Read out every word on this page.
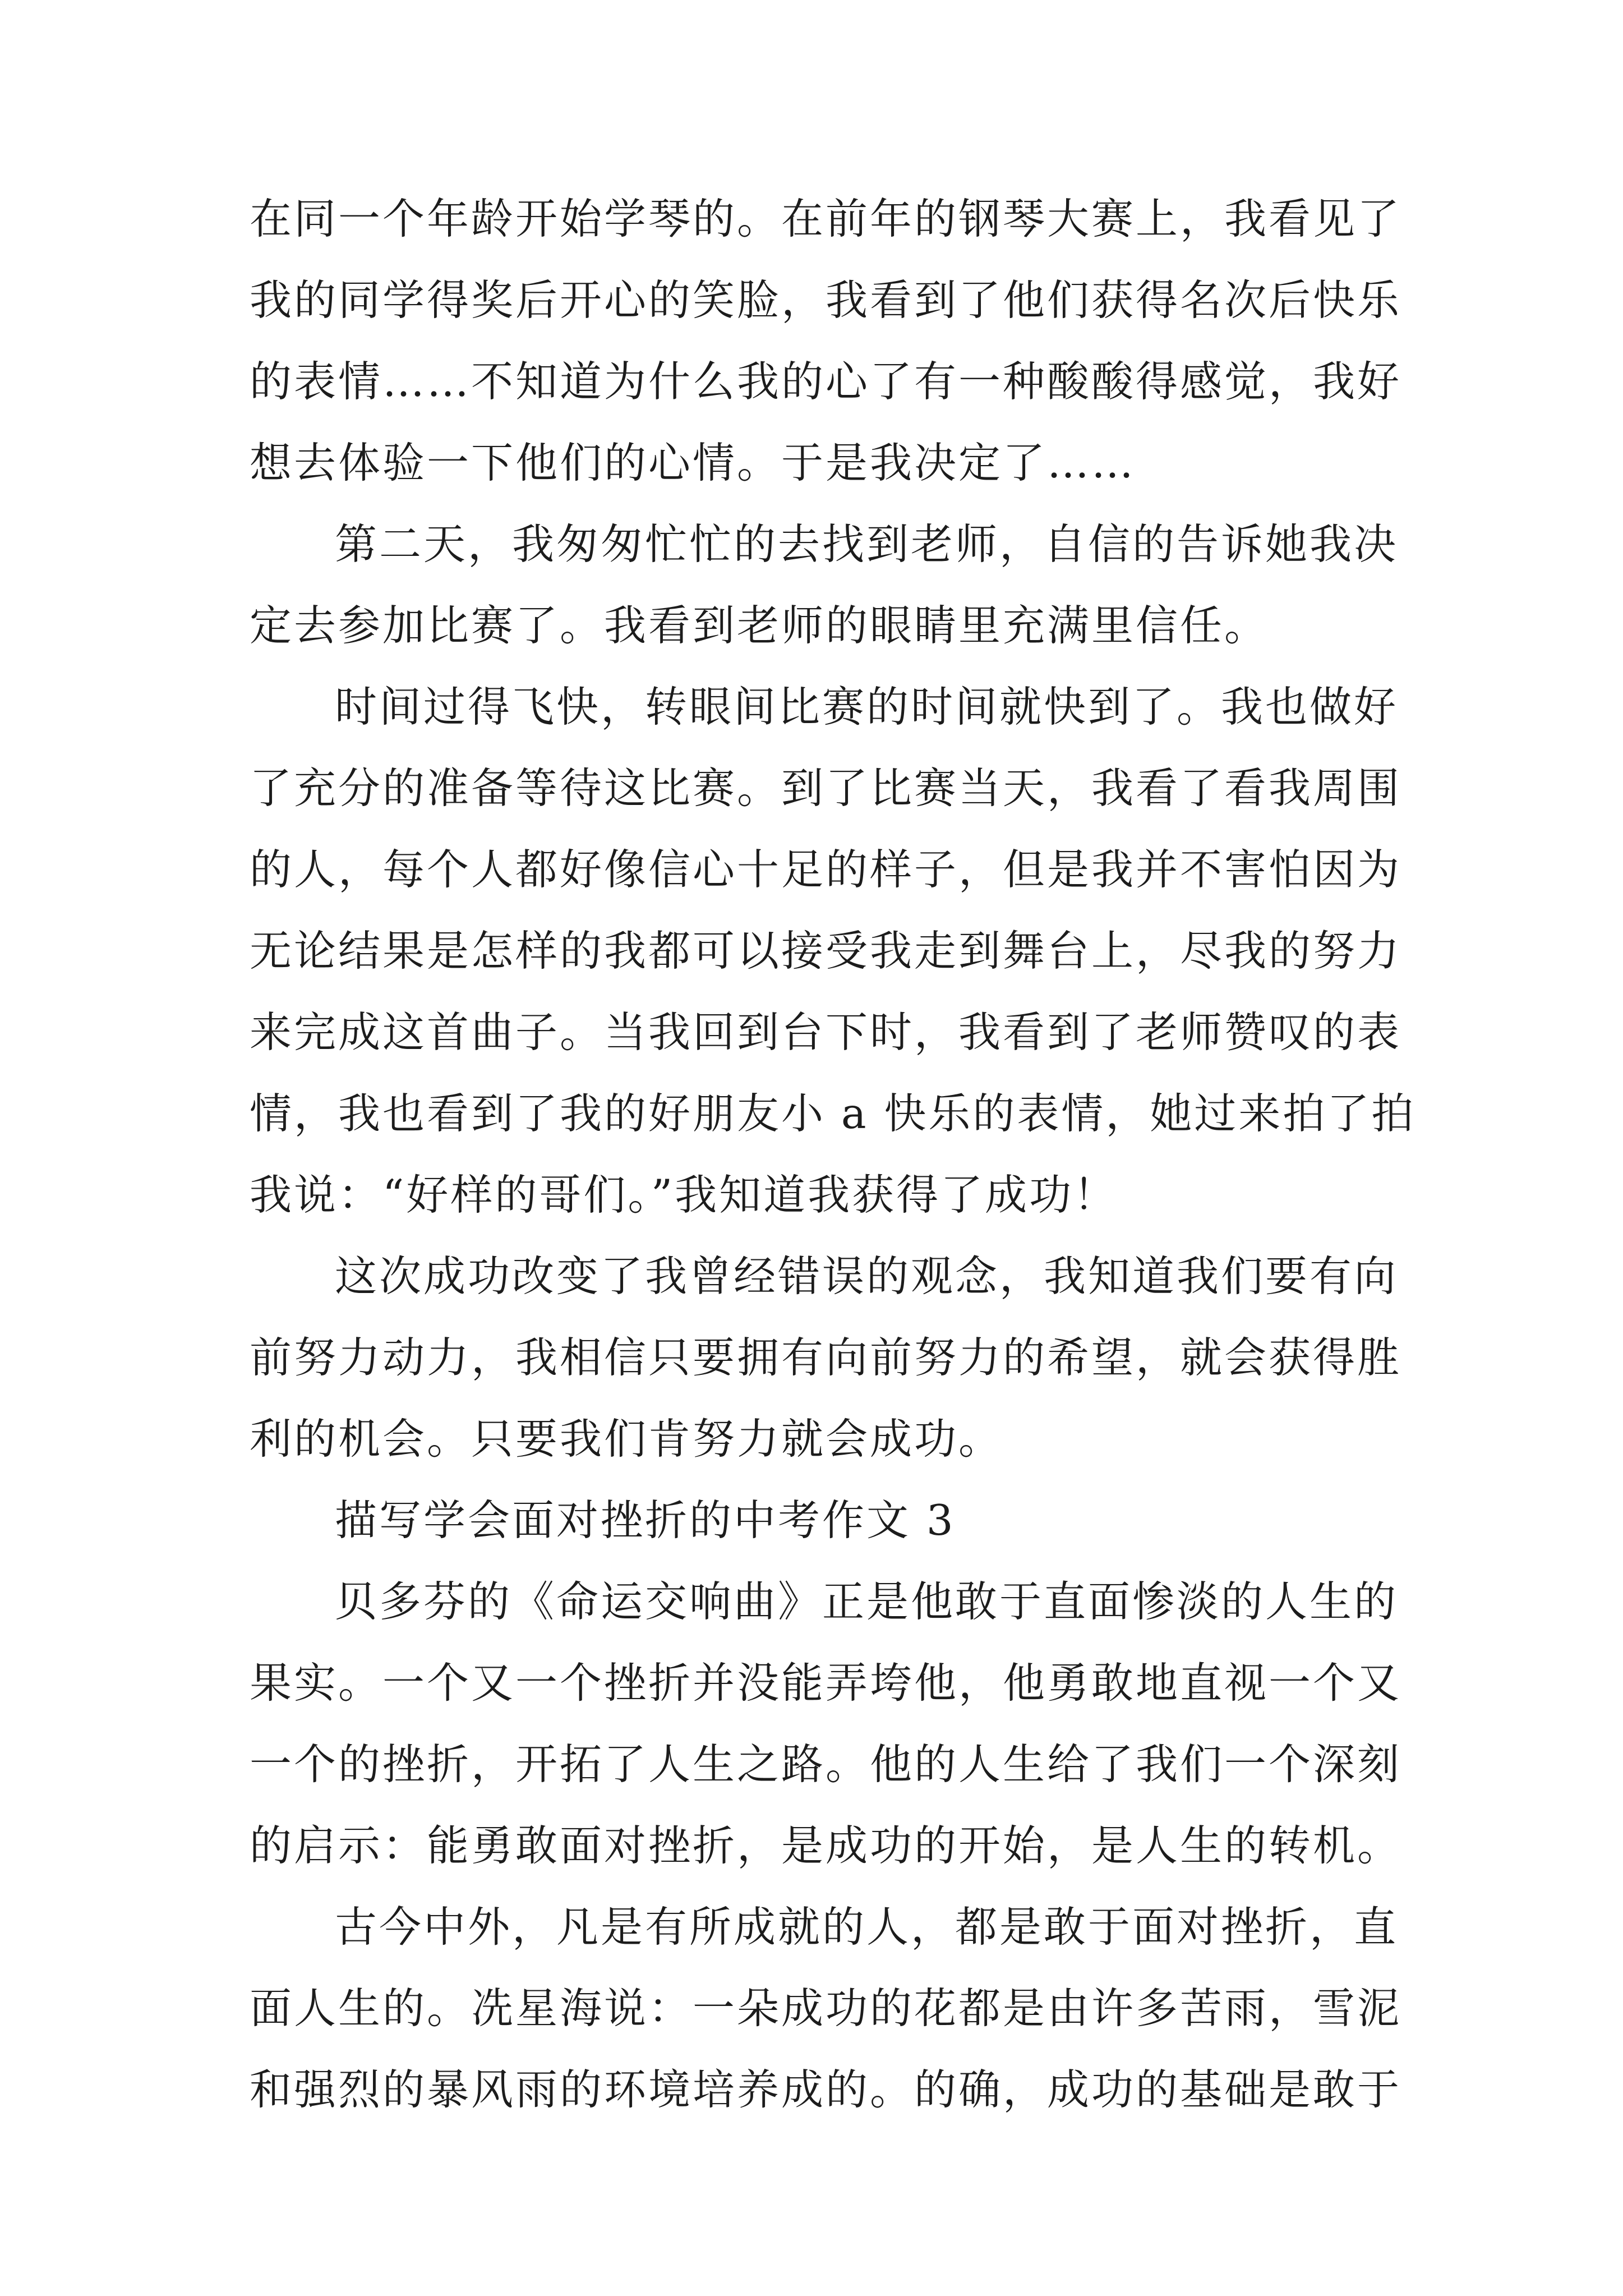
在同一个年龄开始学琴的。在前年的钢琴大赛上，我看见了
我的同学得奖后开心的笑脸，我看到了他们获得名次后快乐
的表情……不知道为什么我的心了有一种酸酸得感觉，我好
想去体验一下他们的心情。于是我决定了……
第二天，我匆匆忙忙的去找到老师，自信的告诉她我决
定去参加比赛了。我看到老师的眼睛里充满里信任。
时间过得飞快，转眼间比赛的时间就快到了。我也做好
了充分的准备等待这比赛。到了比赛当天，我看了看我周围
的人，每个人都好像信心十足的样子，但是我并不害怕因为
无论结果是怎样的我都可以接受我走到舞台上，尽我的努力
来完成这首曲子。当我回到台下时，我看到了老师赞叹的表
情，我也看到了我的好朋友小 a 快乐的表情，她过来拍了拍
我说：“好样的哥们。”我知道我获得了成功！
这次成功改变了我曾经错误的观念，我知道我们要有向
前努力动力，我相信只要拥有向前努力的希望，就会获得胜
利的机会。只要我们肯努力就会成功。
描写学会面对挫折的中考作文 3
贝多芬的《命运交响曲》正是他敢于直面惨淡的人生的
果实。一个又一个挫折并没能弄垮他，他勇敢地直视一个又
一个的挫折，开拓了人生之路。他的人生给了我们一个深刻
的启示：能勇敢面对挫折，是成功的开始，是人生的转机。
古今中外，凡是有所成就的人，都是敢于面对挫折，直
面人生的。冼星海说：一朵成功的花都是由许多苦雨，雪泥
和强烈的暴风雨的环境培养成的。的确，成功的基础是敢于
